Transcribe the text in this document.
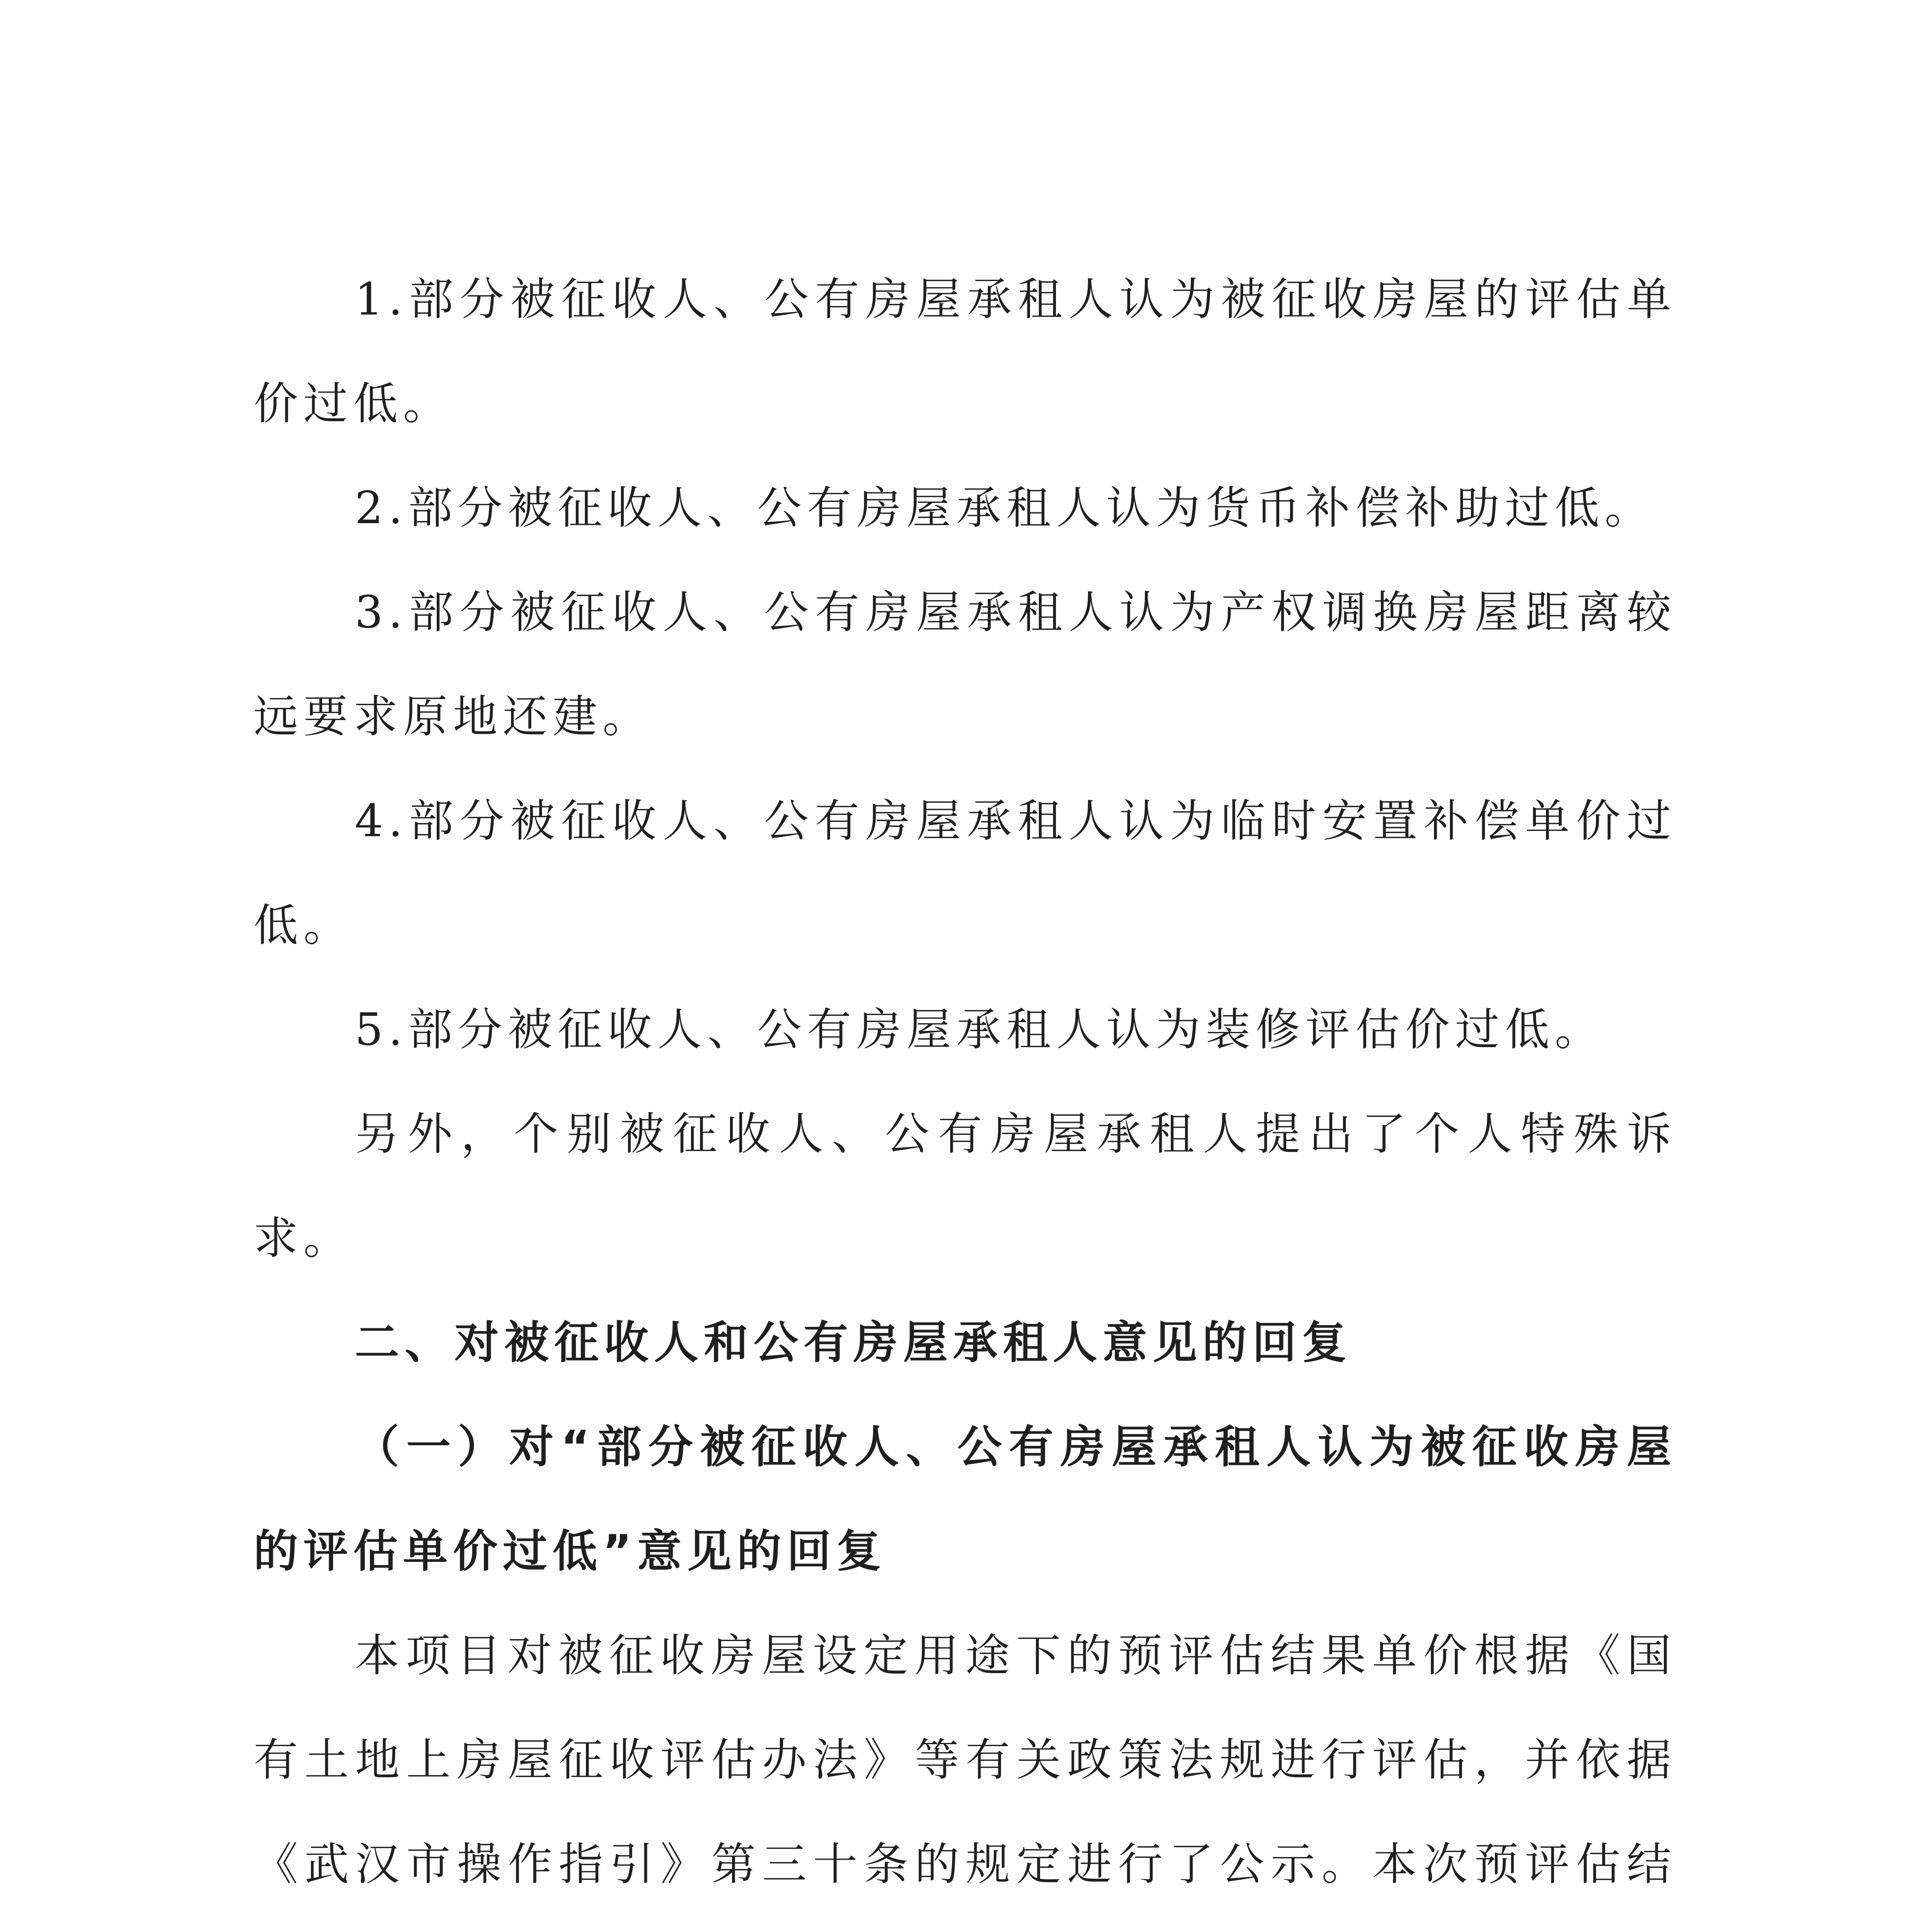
1.部分被征收人、公有房屋承租人认为被征收房屋的评估单价过低。

2.部分被征收人、公有房屋承租人认为货币补偿补助过低。

3.部分被征收人、公有房屋承租人认为产权调换房屋距离较远要求原地还建。

4.部分被征收人、公有房屋承租人认为临时安置补偿单价过低。

5.部分被征收人、公有房屋承租人认为装修评估价过低。

另外，个别被征收人、公有房屋承租人提出了个人特殊诉求。

二、对被征收人和公有房屋承租人意见的回复

（一）对“部分被征收人、公有房屋承租人认为被征收房屋的评估单价过低”意见的回复

本项目对被征收房屋设定用途下的预评估结果单价根据《国有土地上房屋征收评估办法》等有关政策法规进行评估，并依据《武汉市操作指引》第三十条的规定进行了公示。本次预评估结
